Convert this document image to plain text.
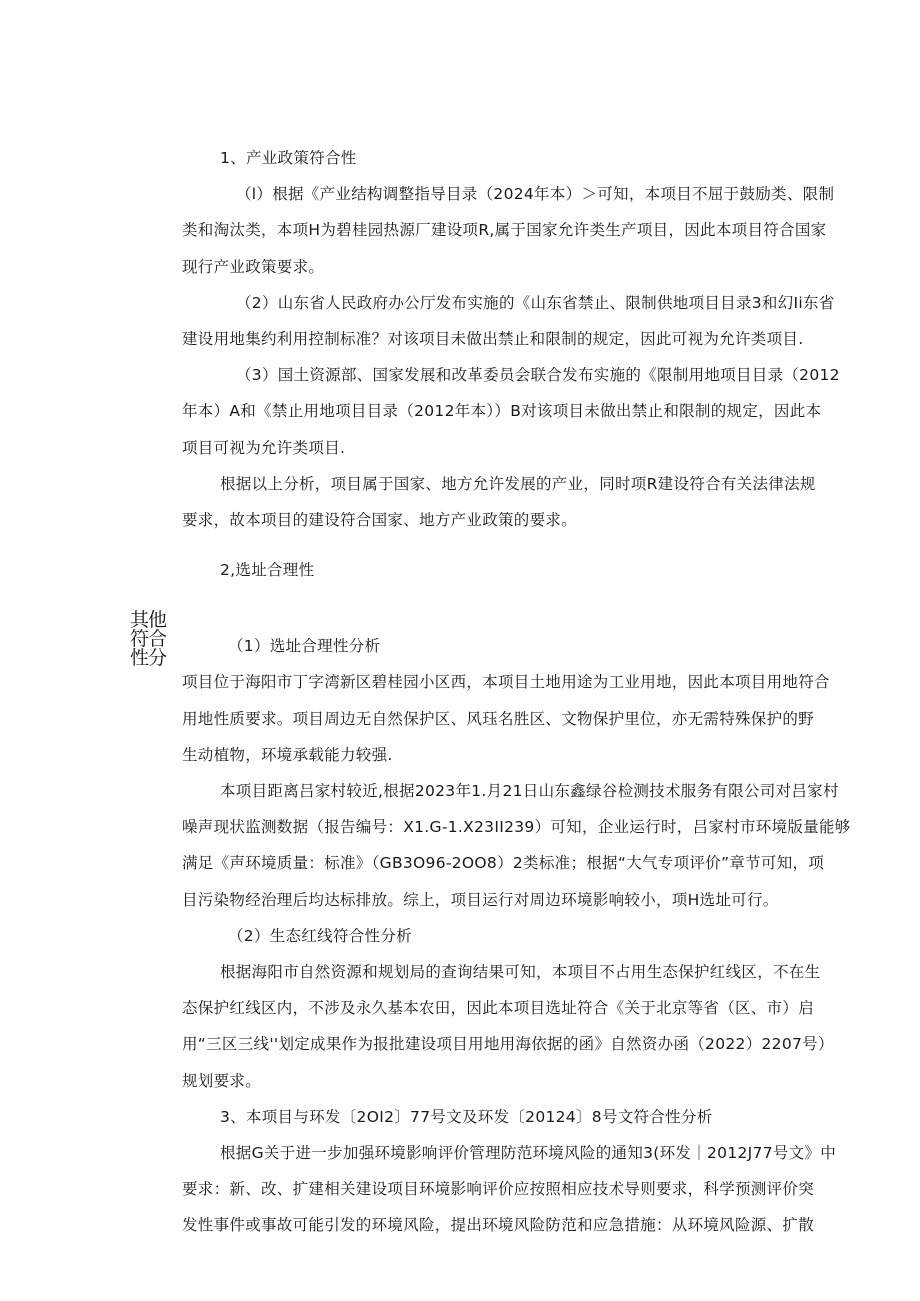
其他
符合
性分
1、产业政策符合性
（l）根据《产业结构调整指导目录（2024年本）＞可知，本项目不屈于鼓励类、限制
类和淘汰类，本项H为碧桂园热源厂建设项R,属于国家允许类生产项目，因此本项目符合国家
现行产业政策要求。
（2）山东省人民政府办公厅发布实施的《山东省禁止、限制供地项目目录3和幻Ii东省
建设用地集约利用控制标准？对该项目未做出禁止和限制的规定，因此可视为允许类项目.
（3）国土资源部、国家发展和改革委员会联合发布实施的《限制用地项目目录（2012
年本）A和《禁止用地项目目录（2012年本））B对该项目未做出禁止和限制的规定，因此本
项目可视为允许类项目.
根据以上分析，项目属于国家、地方允许发展的产业，同时项R建设符合有关法律法规
要求，故本项目的建设符合国家、地方产业政策的要求。
2,选址合理性
（1）选址合理性分析
项目位于海阳市丁字湾新区碧桂园小区西，本项目土地用途为工业用地，因此本项目用地符合
用地性质要求。项目周边无自然保护区、风珏名胜区、文物保护里位，亦无需特殊保护的野
生动植物，环境承载能力较强.
本项目距离吕家村较近,根据2023年1.月21日山东鑫绿谷检测技术服务有限公司对吕家村
噪声现状监测数据（报告编号：X1.G-1.X23II239）可知，企业运行时，吕家村市环境版量能够
满足《声环境质量：标准》（GB3O96-2OO8）2类标准；根据“大气专项评价”章节可知，项
目污染物经治理后均达标排放。综上，项目运行对周边环境影响较小，项H选址可行。
（2）生态红线符合性分析
根据海阳市自然资源和规划局的查询结果可知，本项目不占用生态保护红线区，不在生
态保护红线区内，不涉及永久基本农田，因此本项目选址符合《关于北京等省（区、市）启
用“三区三线''划定成果作为报批建设项目用地用海依据的函》自然资办函（2022）2207号）
规划要求。
3、本项目与环发〔2OI2〕77号文及环发〔20124〕8号文符合性分析
根据G关于进一步加强环境影响评价管理防范环境风险的通知3(环发｜2012J77号文》中
要求：新、改、扩建相关建设项目环境影响评价应按照相应技术导则要求，科学预测评价突
发性事件或事故可能引发的环境风险，提出环境风险防范和应急措施：从环境风险源、扩散
